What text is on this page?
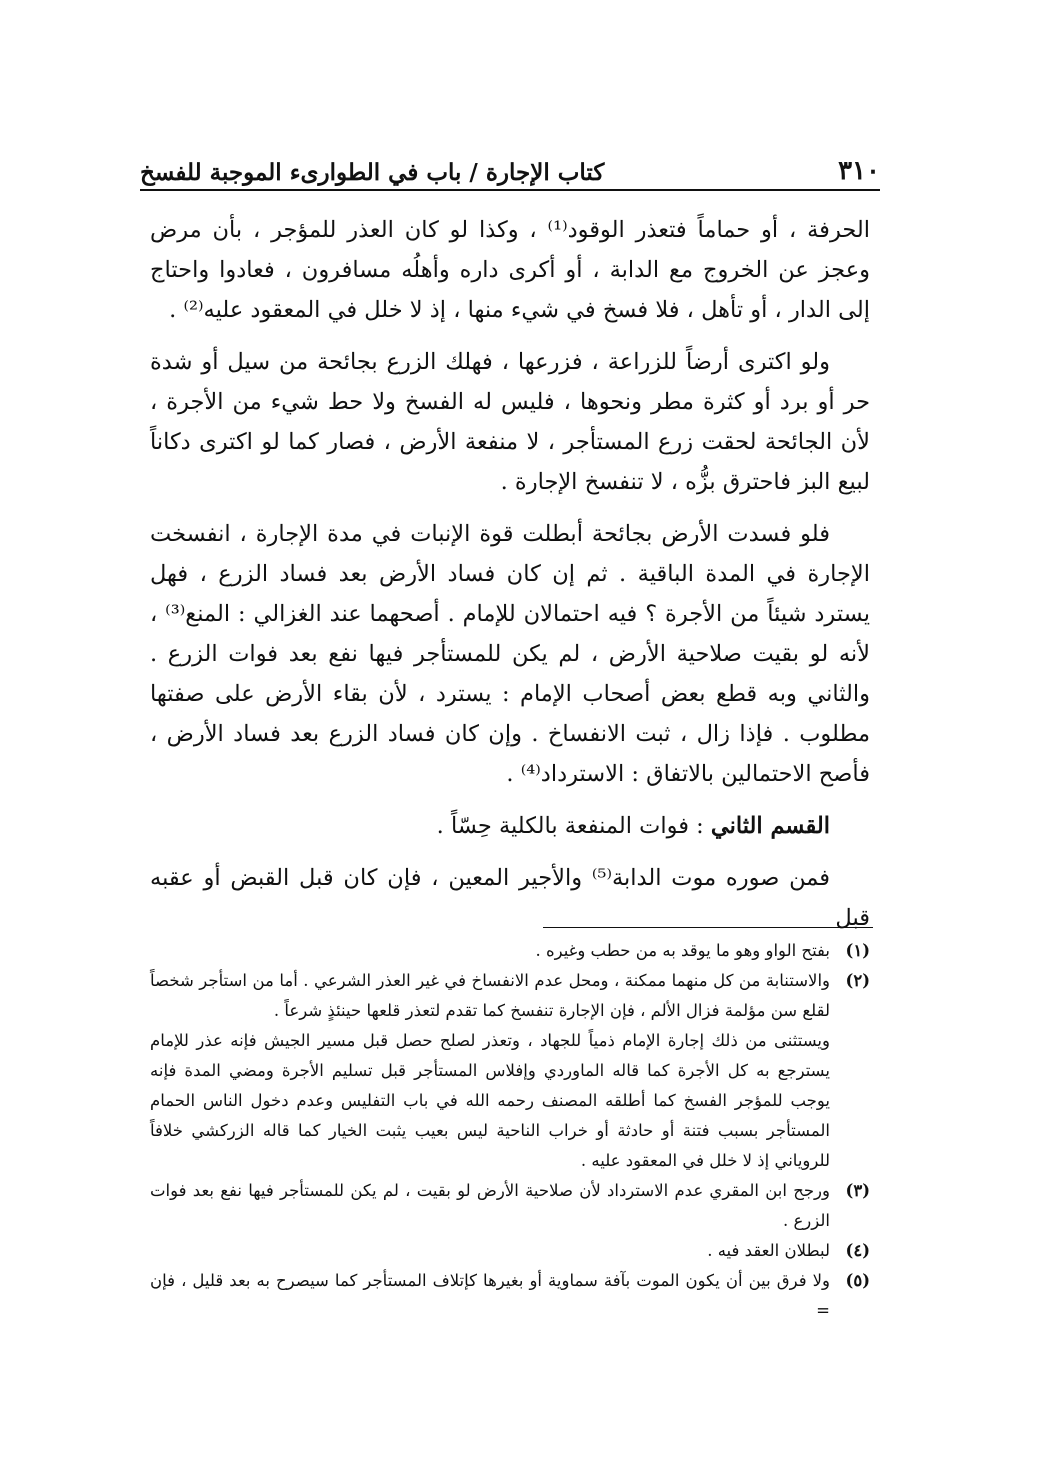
٣١٠
كتاب الإجارة / باب في الطوارىء الموجبة للفسخ

الحرفة ، أو حماماً فتعذر الوقود⁽¹⁾ ، وكذا لو كان العذر للمؤجر ، بأن مرض وعجز عن الخروج مع الدابة ، أو أكرى داره وأهلُه مسافرون ، فعادوا واحتاج إلى الدار ، أو تأهل ، فلا فسخ في شيء منها ، إذ لا خلل في المعقود عليه⁽²⁾ .

ولو اكترى أرضاً للزراعة ، فزرعها ، فهلك الزرع بجائحة من سيل أو شدة حر أو برد أو كثرة مطر ونحوها ، فليس له الفسخ ولا حط شيء من الأجرة ، لأن الجائحة لحقت زرع المستأجر ، لا منفعة الأرض ، فصار كما لو اكترى دكاناً لبيع البز فاحترق بزُّه ، لا تنفسخ الإجارة .

فلو فسدت الأرض بجائحة أبطلت قوة الإنبات في مدة الإجارة ، انفسخت الإجارة في المدة الباقية . ثم إن كان فساد الأرض بعد فساد الزرع ، فهل يسترد شيئاً من الأجرة ؟ فيه احتمالان للإمام . أصحهما عند الغزالي : المنع⁽³⁾ ، لأنه لو بقيت صلاحية الأرض ، لم يكن للمستأجر فيها نفع بعد فوات الزرع . والثاني وبه قطع بعض أصحاب الإمام : يسترد ، لأن بقاء الأرض على صفتها مطلوب . فإذا زال ، ثبت الانفساخ . وإن كان فساد الزرع بعد فساد الأرض ، فأصح الاحتمالين بالاتفاق : الاسترداد⁽⁴⁾ .

القسم الثاني : فوات المنفعة بالكلية حِسّاً .

فمن صوره موت الدابة⁽⁵⁾ والأجير المعين ، فإن كان قبل القبض أو عقبه قبل

(١)

بفتح الواو وهو ما يوقد به من حطب وغيره .

(٢)

والاستنابة من كل منهما ممكنة ، ومحل عدم الانفساخ في غير العذر الشرعي . أما من استأجر شخصاً لقلع سن مؤلمة فزال الألم ، فإن الإجارة تنفسخ كما تقدم لتعذر قلعها حينئذٍ شرعاً .

ويستثنى من ذلك إجارة الإمام ذمياً للجهاد ، وتعذر لصلح حصل قبل مسير الجيش فإنه عذر للإمام يسترجع به كل الأجرة كما قاله الماوردي وإفلاس المستأجر قبل تسليم الأجرة ومضي المدة فإنه يوجب للمؤجر الفسخ كما أطلقه المصنف رحمه الله في باب التفليس وعدم دخول الناس الحمام المستأجر بسبب فتنة أو حادثة أو خراب الناحية ليس بعيب يثبت الخيار كما قاله الزركشي خلافاً للروياني إذ لا خلل في المعقود عليه .

(٣)

ورجح ابن المقري عدم الاسترداد لأن صلاحية الأرض لو بقيت ، لم يكن للمستأجر فيها نفع بعد فوات الزرع .

(٤)

لبطلان العقد فيه .

(٥)

ولا فرق بين أن يكون الموت بآفة سماوية أو بغيرها كإتلاف المستأجر كما سيصرح به بعد قليل ، فإن =
